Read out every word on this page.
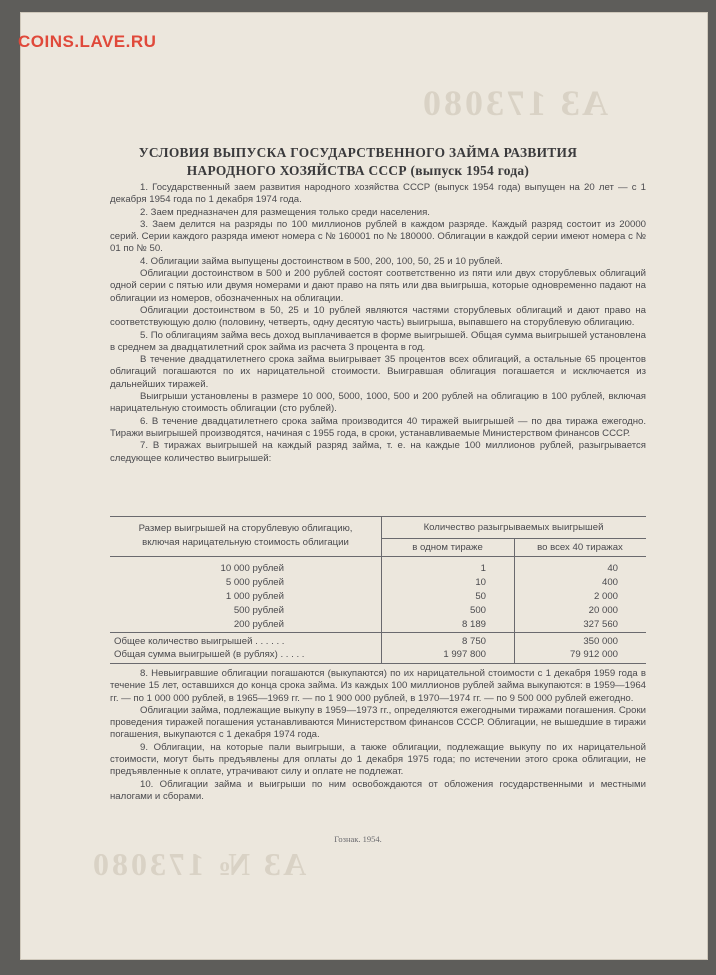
COINS.LAVE.RU
АЗ 173080
АЗ № 173080
УСЛОВИЯ ВЫПУСКА ГОСУДАРСТВЕННОГО ЗАЙМА РАЗВИТИЯ
НАРОДНОГО ХОЗЯЙСТВА СССР (выпуск 1954 года)

1. Государственный заем развития народного хозяйства СССР (выпуск 1954 года) выпущен на 20 лет — с 1 декабря 1954 года по 1 декабря 1974 года.

2. Заем предназначен для размещения только среди населения.

3. Заем делится на разряды по 100 миллионов рублей в каждом разряде. Каждый разряд состоит из 20000 серий. Серии каждого разряда имеют номера с № 160001 по № 180000. Облигации в каждой серии имеют номера с № 01 по № 50.

4. Облигации займа выпущены достоинством в 500, 200, 100, 50, 25 и 10 рублей.

Облигации достоинством в 500 и 200 рублей состоят соответственно из пяти или двух сторублевых облигаций одной серии с пятью или двумя номерами и дают право на пять или два выигрыша, которые одновременно падают на облигации из номеров, обозначенных на облигации.

Облигации достоинством в 50, 25 и 10 рублей являются частями сторублевых облигаций и дают право на соответствующую долю (половину, четверть, одну десятую часть) выигрыша, выпавшего на сторублевую облигацию.

5. По облигациям займа весь доход выплачивается в форме выигрышей. Общая сумма выигрышей установлена в среднем за двадцатилетний срок займа из расчета 3 процента в год.

В течение двадцатилетнего срока займа выигрывает 35 процентов всех облигаций, а остальные 65 процентов облигаций погашаются по их нарицательной стоимости. Выигравшая облигация погашается и исключается из дальнейших тиражей.

Выигрыши установлены в размере 10 000, 5000, 1000, 500 и 200 рублей на облигацию в 100 рублей, включая нарицательную стоимость облигации (сто рублей).

6. В течение двадцатилетнего срока займа производится 40 тиражей выигрышей — по два тиража ежегодно. Тиражи выигрышей производятся, начиная с 1955 года, в сроки, устанавливаемые Министерством финансов СССР.

7. В тиражах выигрышей на каждый разряд займа, т. е. на каждые 100 миллионов рублей, разыгрывается следующее количество выигрышей:

Размер выигрышей на сторублевую облигацию,
включая нарицательную стоимость облигации
Количество разыгрываемых выигрышей
в одном тираже	во всех 40 тиражах
10 000 рублей	1	40
5 000 рублей	10	400
1 000 рублей	50	2 000
500 рублей	500	20 000
200 рублей	8 189	327 560
Общее количество выигрышей . . . . . .	8 750	350 000
Общая сумма выигрышей (в рублях) . . . . .	1 997 800	79 912 000

8. Невыигравшие облигации погашаются (выкупаются) по их нарицательной стоимости с 1 декабря 1959 года в течение 15 лет, оставшихся до конца срока займа. Из каждых 100 миллионов рублей займа выкупаются: в 1959—1964 гг. — по 1 000 000 рублей, в 1965—1969 гг. — по 1 900 000 рублей, в 1970—1974 гг. — по 9 500 000 рублей ежегодно.

Облигации займа, подлежащие выкупу в 1959—1973 гг., определяются ежегодными тиражами погашения. Сроки проведения тиражей погашения устанавливаются Министерством финансов СССР. Облигации, не вышедшие в тиражи погашения, выкупаются с 1 декабря 1974 года.

9. Облигации, на которые пали выигрыши, а также облигации, подлежащие выкупу по их нарицательной стоимости, могут быть предъявлены для оплаты до 1 декабря 1975 года; по истечении этого срока облигации, не предъявленные к оплате, утрачивают силу и оплате не подлежат.

10. Облигации займа и выигрыши по ним освобождаются от обложения государственными и местными налогами и сборами.

Гознак. 1954.
